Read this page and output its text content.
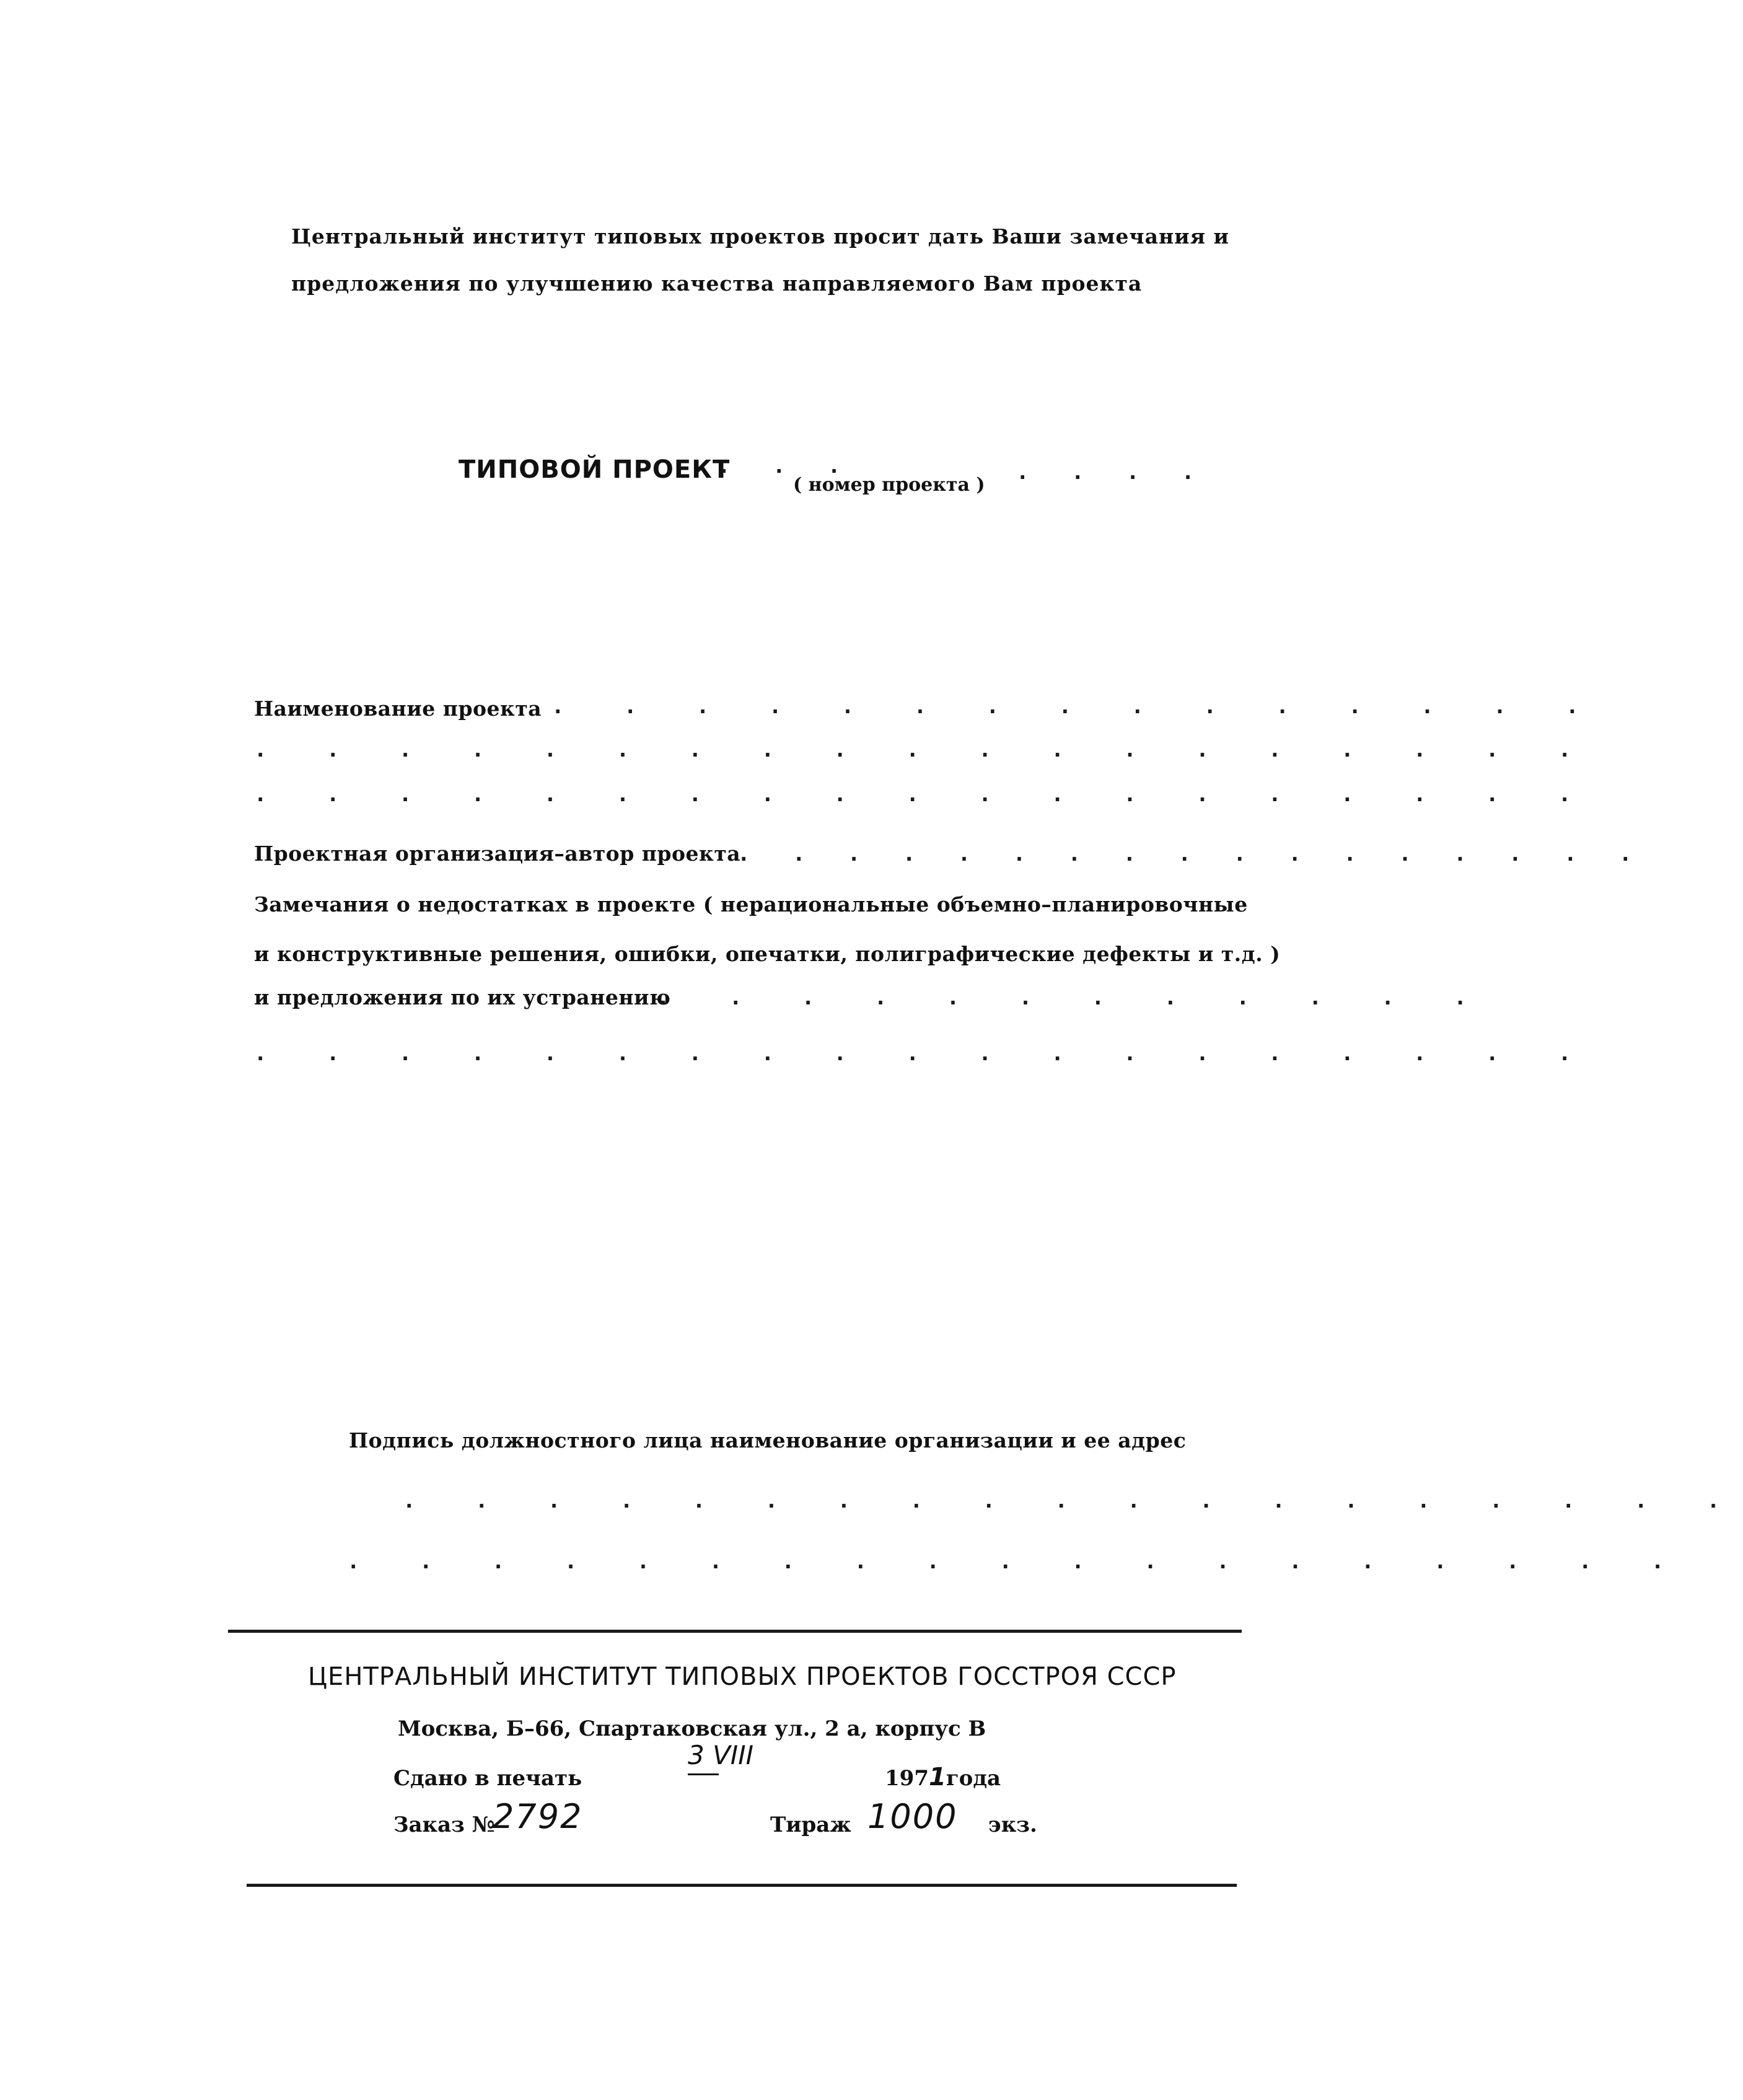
Центральный институт типовых проектов просит дать Ваши замечания и
предложения по улучшению качества направляемого Вам проекта
ТИПОВОЙ ПРОЕКТ
. . .
( номер проекта )
. . . .
Наименование проекта . . . . . . . . . . . . . . .
. . . . . . . . . . . . . . . . . . .
. . . . . . . . . . . . . . . . . . .
Проектная организация–автор проекта
. . . . . . . . . . . . . . . . .
Замечания о недостатках в проекте ( нерациональные объемно–планировочные
и конструктивные решения, ошибки, опечатки, полиграфические дефекты и т.д. )
и предложения по их устранению
. . . . . . . . . . . .
. . . . . . . . . . . . . . . . . . .
Подпись должностного лица наименование организации и ее адрес
. . . . . . . . . . . . . . . . . . .
. . . . . . . . . . . . . . . . . . .
ЦЕНТРАЛЬНЫЙ ИНСТИТУТ ТИПОВЫХ ПРОЕКТОВ ГОССТРОЯ СССР
Москва, Б–66, Спартаковская ул., 2 а, корпус В
Сдано в печать
3 VIII
1971года
Заказ №
2792	Тираж 1000 экз.
